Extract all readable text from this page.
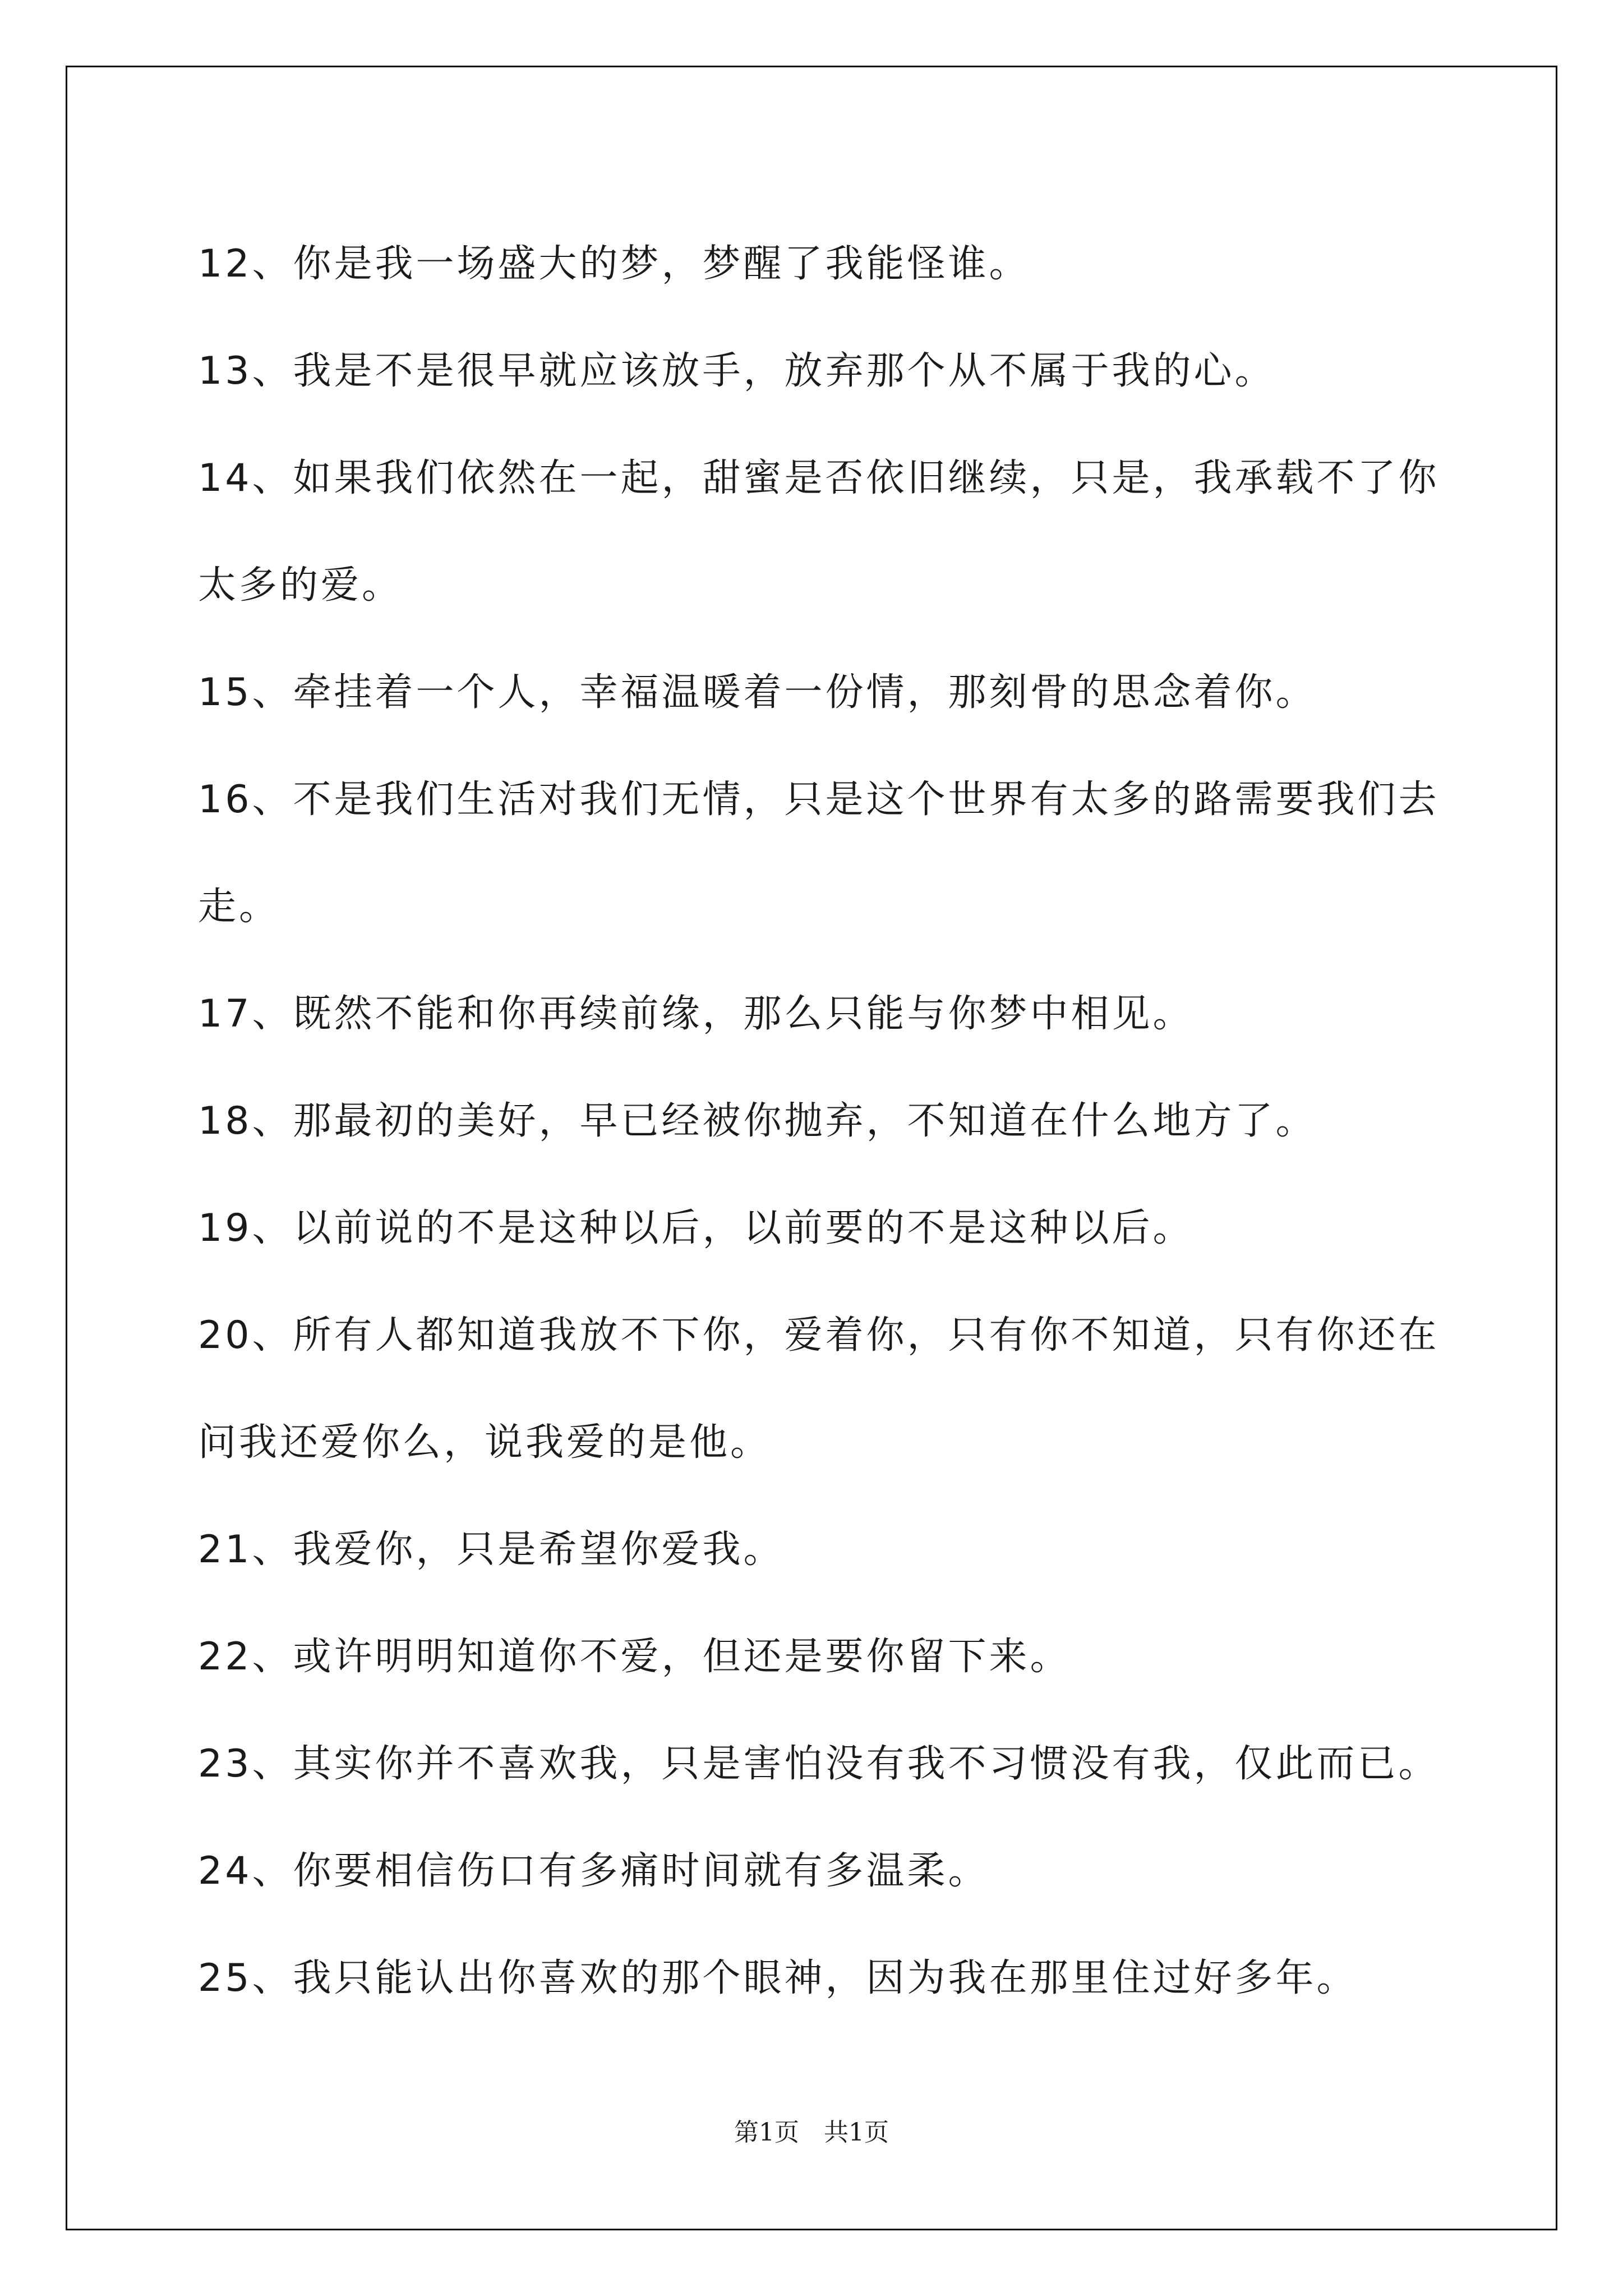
12、你是我一场盛大的梦，梦醒了我能怪谁。
13、我是不是很早就应该放手，放弃那个从不属于我的心。
14、如果我们依然在一起，甜蜜是否依旧继续，只是，我承载不了你
太多的爱。
15、牵挂着一个人，幸福温暖着一份情，那刻骨的思念着你。
16、不是我们生活对我们无情，只是这个世界有太多的路需要我们去
走。
17、既然不能和你再续前缘，那么只能与你梦中相见。
18、那最初的美好，早已经被你抛弃，不知道在什么地方了。
19、以前说的不是这种以后，以前要的不是这种以后。
20、所有人都知道我放不下你，爱着你，只有你不知道，只有你还在
问我还爱你么，说我爱的是他。
21、我爱你，只是希望你爱我。
22、或许明明知道你不爱，但还是要你留下来。
23、其实你并不喜欢我，只是害怕没有我不习惯没有我，仅此而已。
24、你要相信伤口有多痛时间就有多温柔。
25、我只能认出你喜欢的那个眼神，因为我在那里住过好多年。
第1页　共1页
